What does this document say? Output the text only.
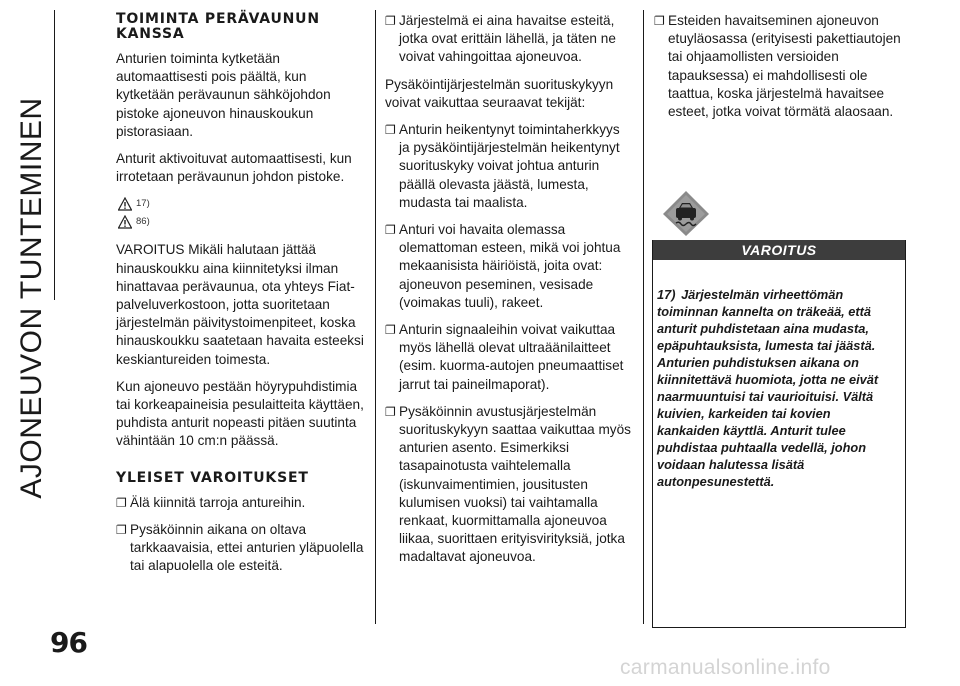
AJONEUVON TUNTEMINEN
96
TOIMINTA PERÄVAUNUN KANSSA

Anturien toiminta kytketään automaattisesti pois päältä, kun kytketään perävaunun sähköjohdon pistoke ajoneuvon hinauskoukun pistorasiaan.

Anturit aktivoituvat automaattisesti, kun irrotetaan perävaunun johdon pistoke.

17)
86)

VAROITUS Mikäli halutaan jättää hinauskoukku aina kiinnitetyksi ilman hinattavaa perävaunua, ota yhteys Fiat-palveluverkostoon, jotta suoritetaan järjestelmän päivitystoimenpiteet, koska hinauskoukku saatetaan havaita esteeksi keskiantureiden toimesta.

Kun ajoneuvo pestään höyrypuhdistimia tai korkeapaineisia pesulaitteita käyttäen, puhdista anturit nopeasti pitäen suutinta vähintään 10 cm:n päässä.

YLEISET VAROITUKSET
❐ Älä kiinnitä tarroja antureihin.
❐ Pysäköinnin aikana on oltava tarkkaavaisia, ettei anturien yläpuolella tai alapuolella ole esteitä.
❐ Järjestelmä ei aina havaitse esteitä, jotka ovat erittäin lähellä, ja täten ne voivat vahingoittaa ajoneuvoa.

Pysäköintijärjestelmän suorituskykyyn voivat vaikuttaa seuraavat tekijät:

❐ Anturin heikentynyt toimintaherkkyys ja pysäköintijärjestelmän heikentynyt suorituskyky voivat johtua anturin päällä olevasta jäästä, lumesta, mudasta tai maalista.
❐ Anturi voi havaita olemassa olemattoman esteen, mikä voi johtua mekaanisista häiriöistä, joita ovat: ajoneuvon peseminen, vesisade (voimakas tuuli), rakeet.
❐ Anturin signaaleihin voivat vaikuttaa myös lähellä olevat ultraäänilaitteet (esim. kuorma-autojen pneumaattiset jarrut tai paineilmaporat).
❐ Pysäköinnin avustusjärjestelmän suorituskykyyn saattaa vaikuttaa myös anturien asento. Esimerkiksi tasapainotusta vaihtelemalla (iskunvaimentimien, jousitusten kulumisen vuoksi) tai vaihtamalla renkaat, kuormittamalla ajoneuvoa liikaa, suorittaen erityisvirityksiä, jotka madaltavat ajoneuvoa.
❐ Esteiden havaitseminen ajoneuvon etuyläosassa (erityisesti pakettiautojen tai ohjaamollisten versioiden tapauksessa) ei mahdollisesti ole taattua, koska järjestelmä havaitsee esteet, jotka voivat törmätä alaosaan.
VAROITUS
17) Järjestelmän virheettömän toiminnan kannelta on träkeää, että anturit puhdistetaan aina mudasta, epäpuhtauksista, lumesta tai jäästä. Anturien puhdistuksen aikana on kiinnitettävä huomiota, jotta ne eivät naarmuuntuisi tai vaurioituisi. Vältä kuivien, karkeiden tai kovien kankaiden käyttlä. Anturit tulee puhdistaa puhtaalla vedellä, johon voidaan halutessa lisätä autonpesunestettä.
carmanualsonline.info
